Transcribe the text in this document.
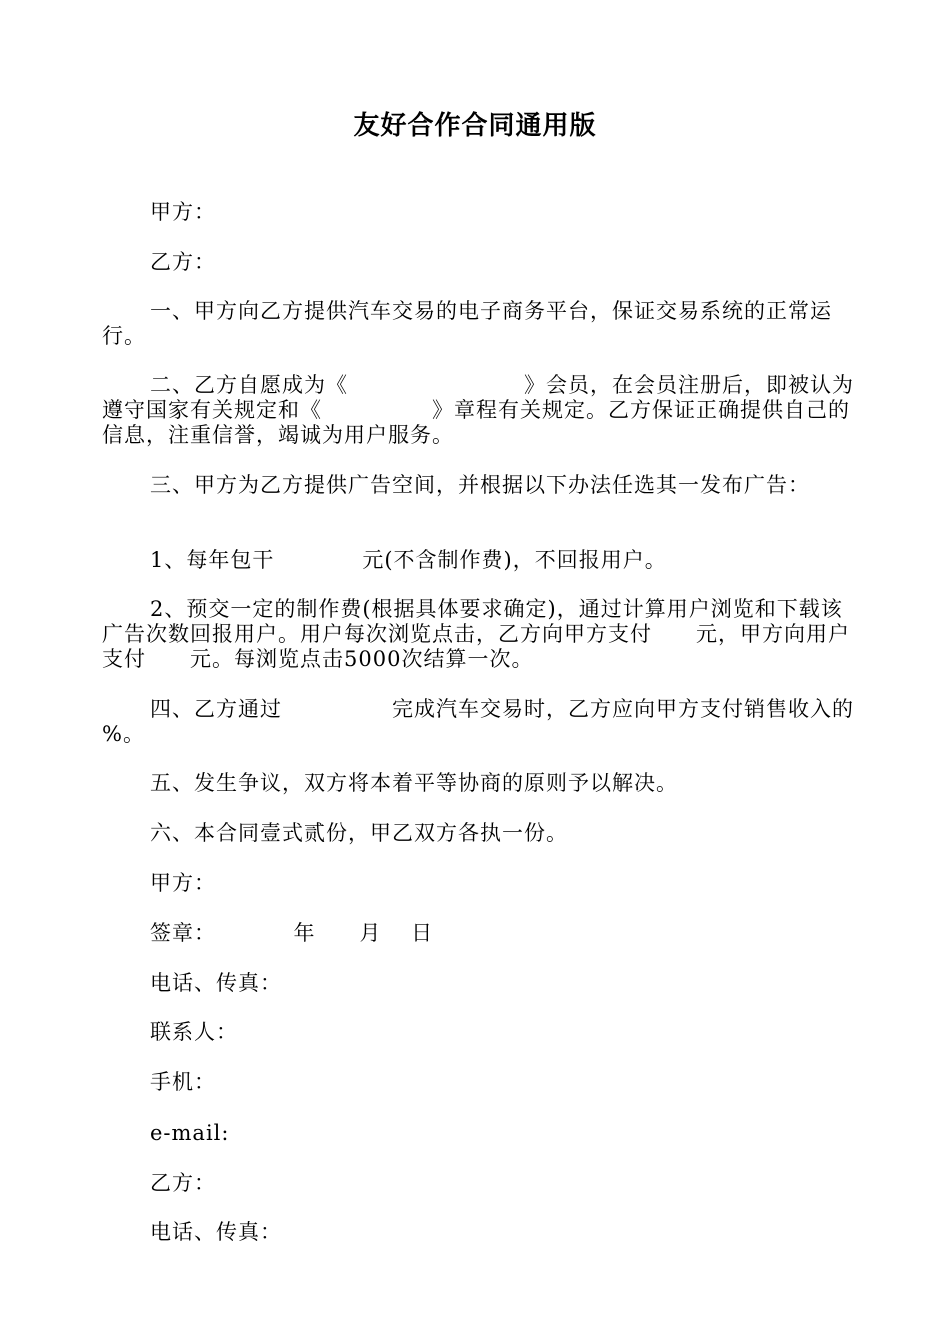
友好合作合同通用版

甲方：

乙方：

一、甲方向乙方提供汽车交易的电子商务平台，保证交易系统的正常运行。

二、乙方自愿成为《　　　　　　　　》会员，在会员注册后，即被认为遵守国家有关规定和《　　　　　》章程有关规定。乙方保证正确提供自己的信息，注重信誉，竭诚为用户服务。

三、甲方为乙方提供广告空间，并根据以下办法任选其一发布广告：

1、每年包干　　　　元(不含制作费)，不回报用户。

2、预交一定的制作费(根据具体要求确定)，通过计算用户浏览和下载该广告次数回报用户。用户每次浏览点击，乙方向甲方支付　　元，甲方向用户支付　　元。每浏览点击5000次结算一次。

四、乙方通过　　　　　完成汽车交易时，乙方应向甲方支付销售收入的　　%。

五、发生争议，双方将本着平等协商的原则予以解决。

六、本合同壹式贰份，甲乙双方各执一份。

甲方：

签章：　　　　年　　月　 日

电话、传真：

联系人：

手机：

e-mail:

乙方：

电话、传真：
